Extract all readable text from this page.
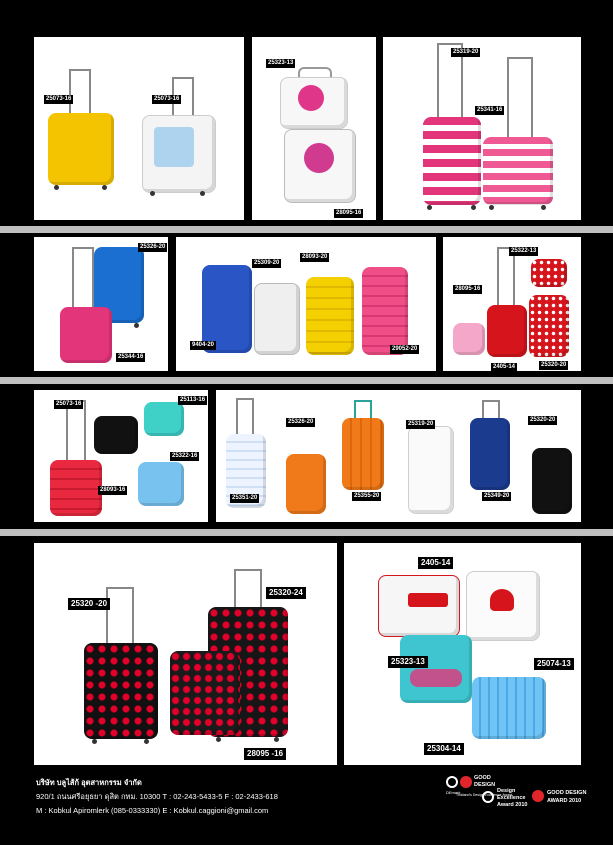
25073-16	25073-16
25323-13
28095-16
25319-20
25341-16
25326-20
25344-16
25309-20
28093-20
9404-20
29052-20
25322-13
28095-16
2405-14	25320-20
25073-16
25113-16
25322-16
28093-16
25326-20	25319-20
25320-20
25351-20	25355-20	25349-20
25320 -20
25320-24
28095 -16
2405-14
25323-13	25074-13
25304-14
บริษัท บลูไส้ก้ อุตสาหกรรม จำกัด
920/1 ถนนศรีอยุธยา ดุสิต กทม. 10300 T : 02-243-5433-5 F : 02-2433-618
M : Kobkul Apiromlerk (085-0333330) E : Kobkul.caggioni@gmail.com
DEmark
GOOD
DESIGN
Thailand's Design Excellence Award
Design
Excellence
Award 2010
GOOD DESIGN
AWARD 2010
